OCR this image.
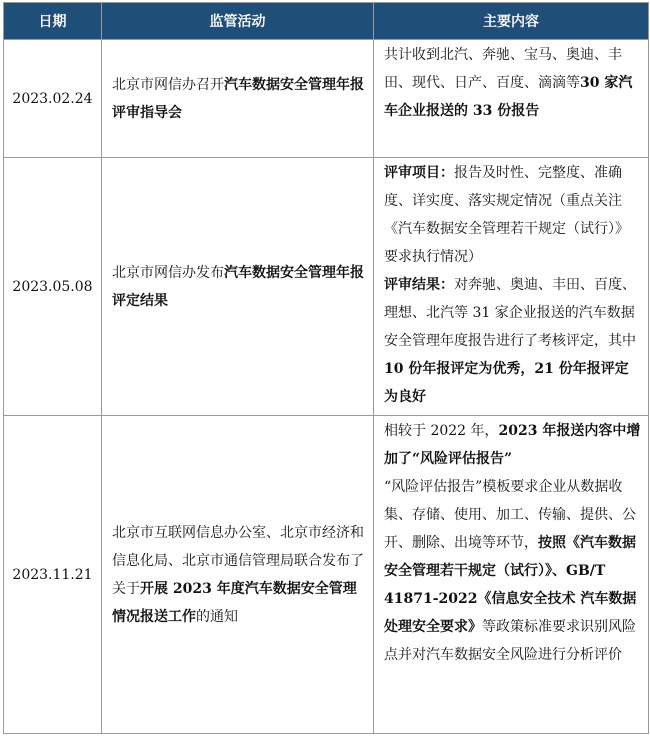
日期	监管活动	主要内容
2023.02.24	北京市网信办召开汽车数据安全管理年报评审指导会	共计收到北汽、奔驰、宝马、奥迪、丰田、现代、日产、百度、滴滴等30 家汽车企业报送的 33 份报告

2023.05.08	北京市网信办发布汽车数据安全管理年报评定结果	评审项目：报告及时性、完整度、准确度、详实度、落实规定情况（重点关注《汽车数据安全管理若干规定（试行）》要求执行情况）
评审结果：对奔驰、奥迪、丰田、百度、理想、北汽等 31 家企业报送的汽车数据安全管理年度报告进行了考核评定，其中10 份年报评定为优秀，21 份年报评定为良好

2023.11.21	北京市互联网信息办公室、北京市经济和信息化局、北京市通信管理局联合发布了关于开展 2023 年度汽车数据安全管理情况报送工作的通知	相较于 2022 年，2023 年报送内容中增加了“风险评估报告”
“风险评估报告”模板要求企业从数据收集、存储、使用、加工、传输、提供、公开、删除、出境等环节，按照《汽车数据安全管理若干规定（试行）》、GB/T 41871-2022《信息安全技术 汽车数据处理安全要求》等政策标准要求识别风险点并对汽车数据安全风险进行分析评价
